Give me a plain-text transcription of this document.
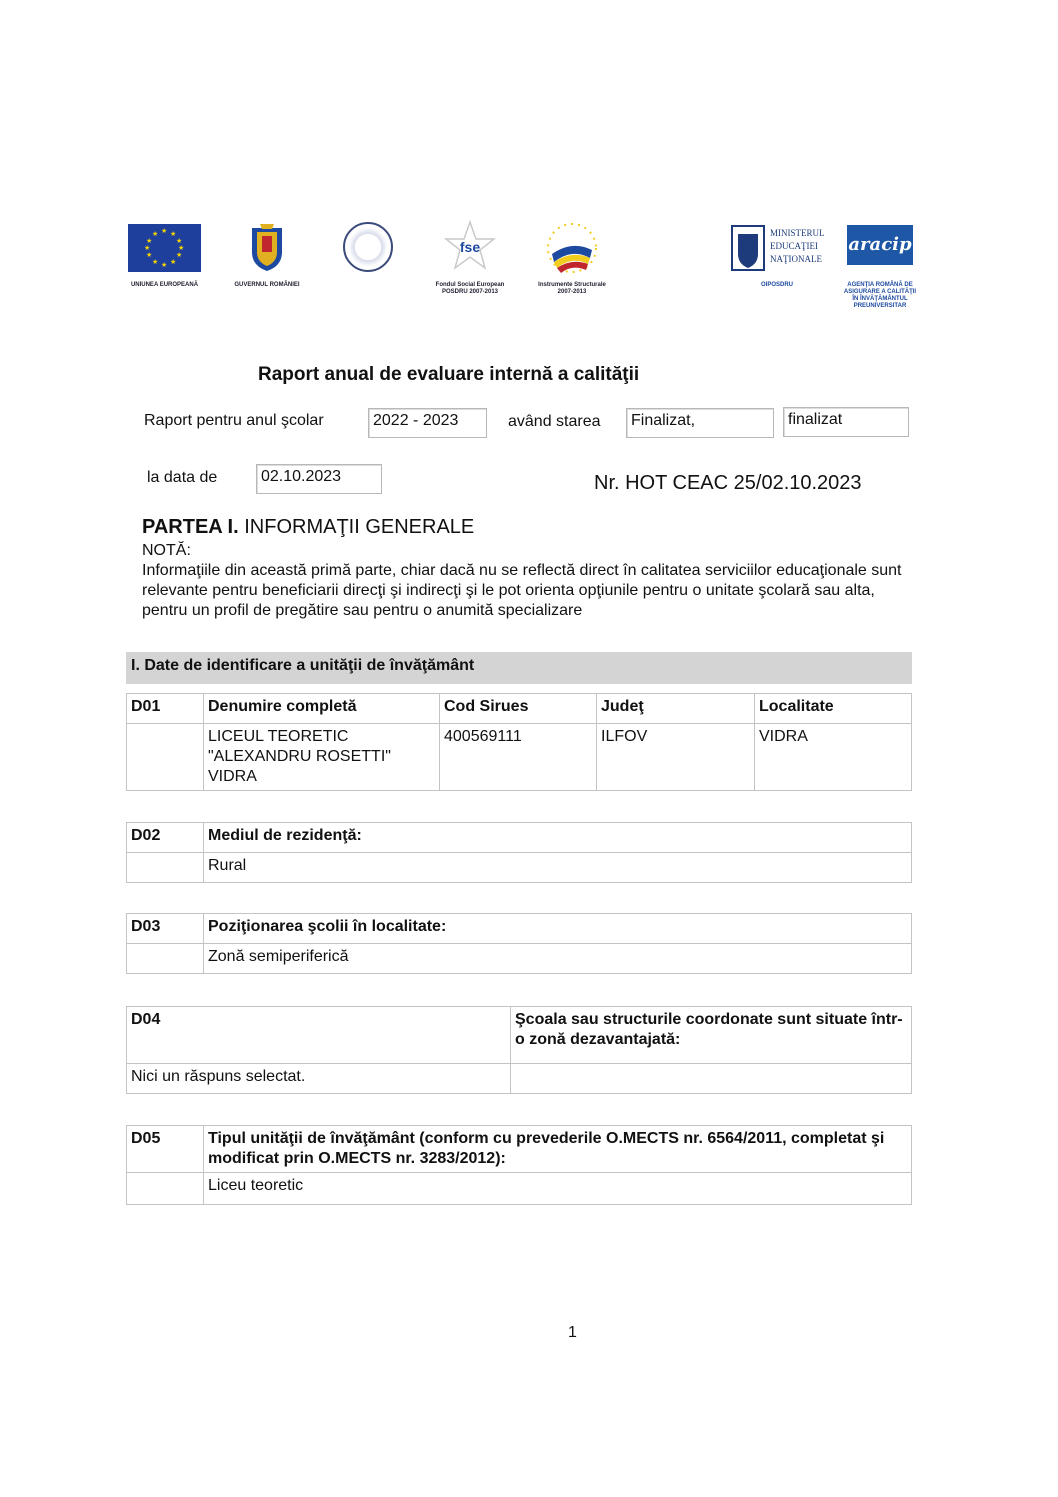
★ ★
★
★
★
★
★
★
★
★
★
★
UNIUNEA EUROPEANĂ	GUVERNUL ROMÂNIEI
fse
Fondul Social European
POSDRU 2007-2013
Instrumente Structurale
2007-2013
MINISTERUL
EDUCAŢIEI
NAŢIONALE
OIPOSDRU
aracip
AGENŢIA ROMÂNĂ DE
ASIGURARE A CALITĂŢII
ÎN ÎNVĂŢĂMÂNTUL
PREUNIVERSITAR
Raport anual de evaluare internă a calităţii
Raport pentru anul şcolar	2022 - 2023	având starea	Finalizat,	finalizat
la data de	02.10.2023	Nr. HOT CEAC 25/02.10.2023
PARTEA I. INFORMAŢII GENERALE
NOTĂ:
Informaţiile din această primă parte, chiar dacă nu se reflectă direct în calitatea serviciilor educaţionale sunt relevante pentru beneficiarii direcţi şi indirecţi şi le pot orienta opţiunile pentru o unitate şcolară sau alta, pentru un profil de pregătire sau pentru o anumită specializare
I. Date de identificare a unităţii de învăţământ
D01	Denumire completă	Cod Sirues	Judeţ	Localitate

	LICEUL TEORETIC
"ALEXANDRU ROSETTI"
VIDRA	400569111	ILFOV	VIDRA
D02	Mediul de rezidenţă:
	Rural
D03	Poziţionarea şcolii în localitate:
	Zonă semiperiferică
D04	Şcoala sau structurile coordonate sunt situate într-o zonă dezavantajată:
Nici un răspuns selectat.	
D05	Tipul unităţii de învăţământ (conform cu prevederile O.MECTS nr. 6564/2011, completat şi modificat prin O.MECTS nr. 3283/2012):
	Liceu teoretic
1
